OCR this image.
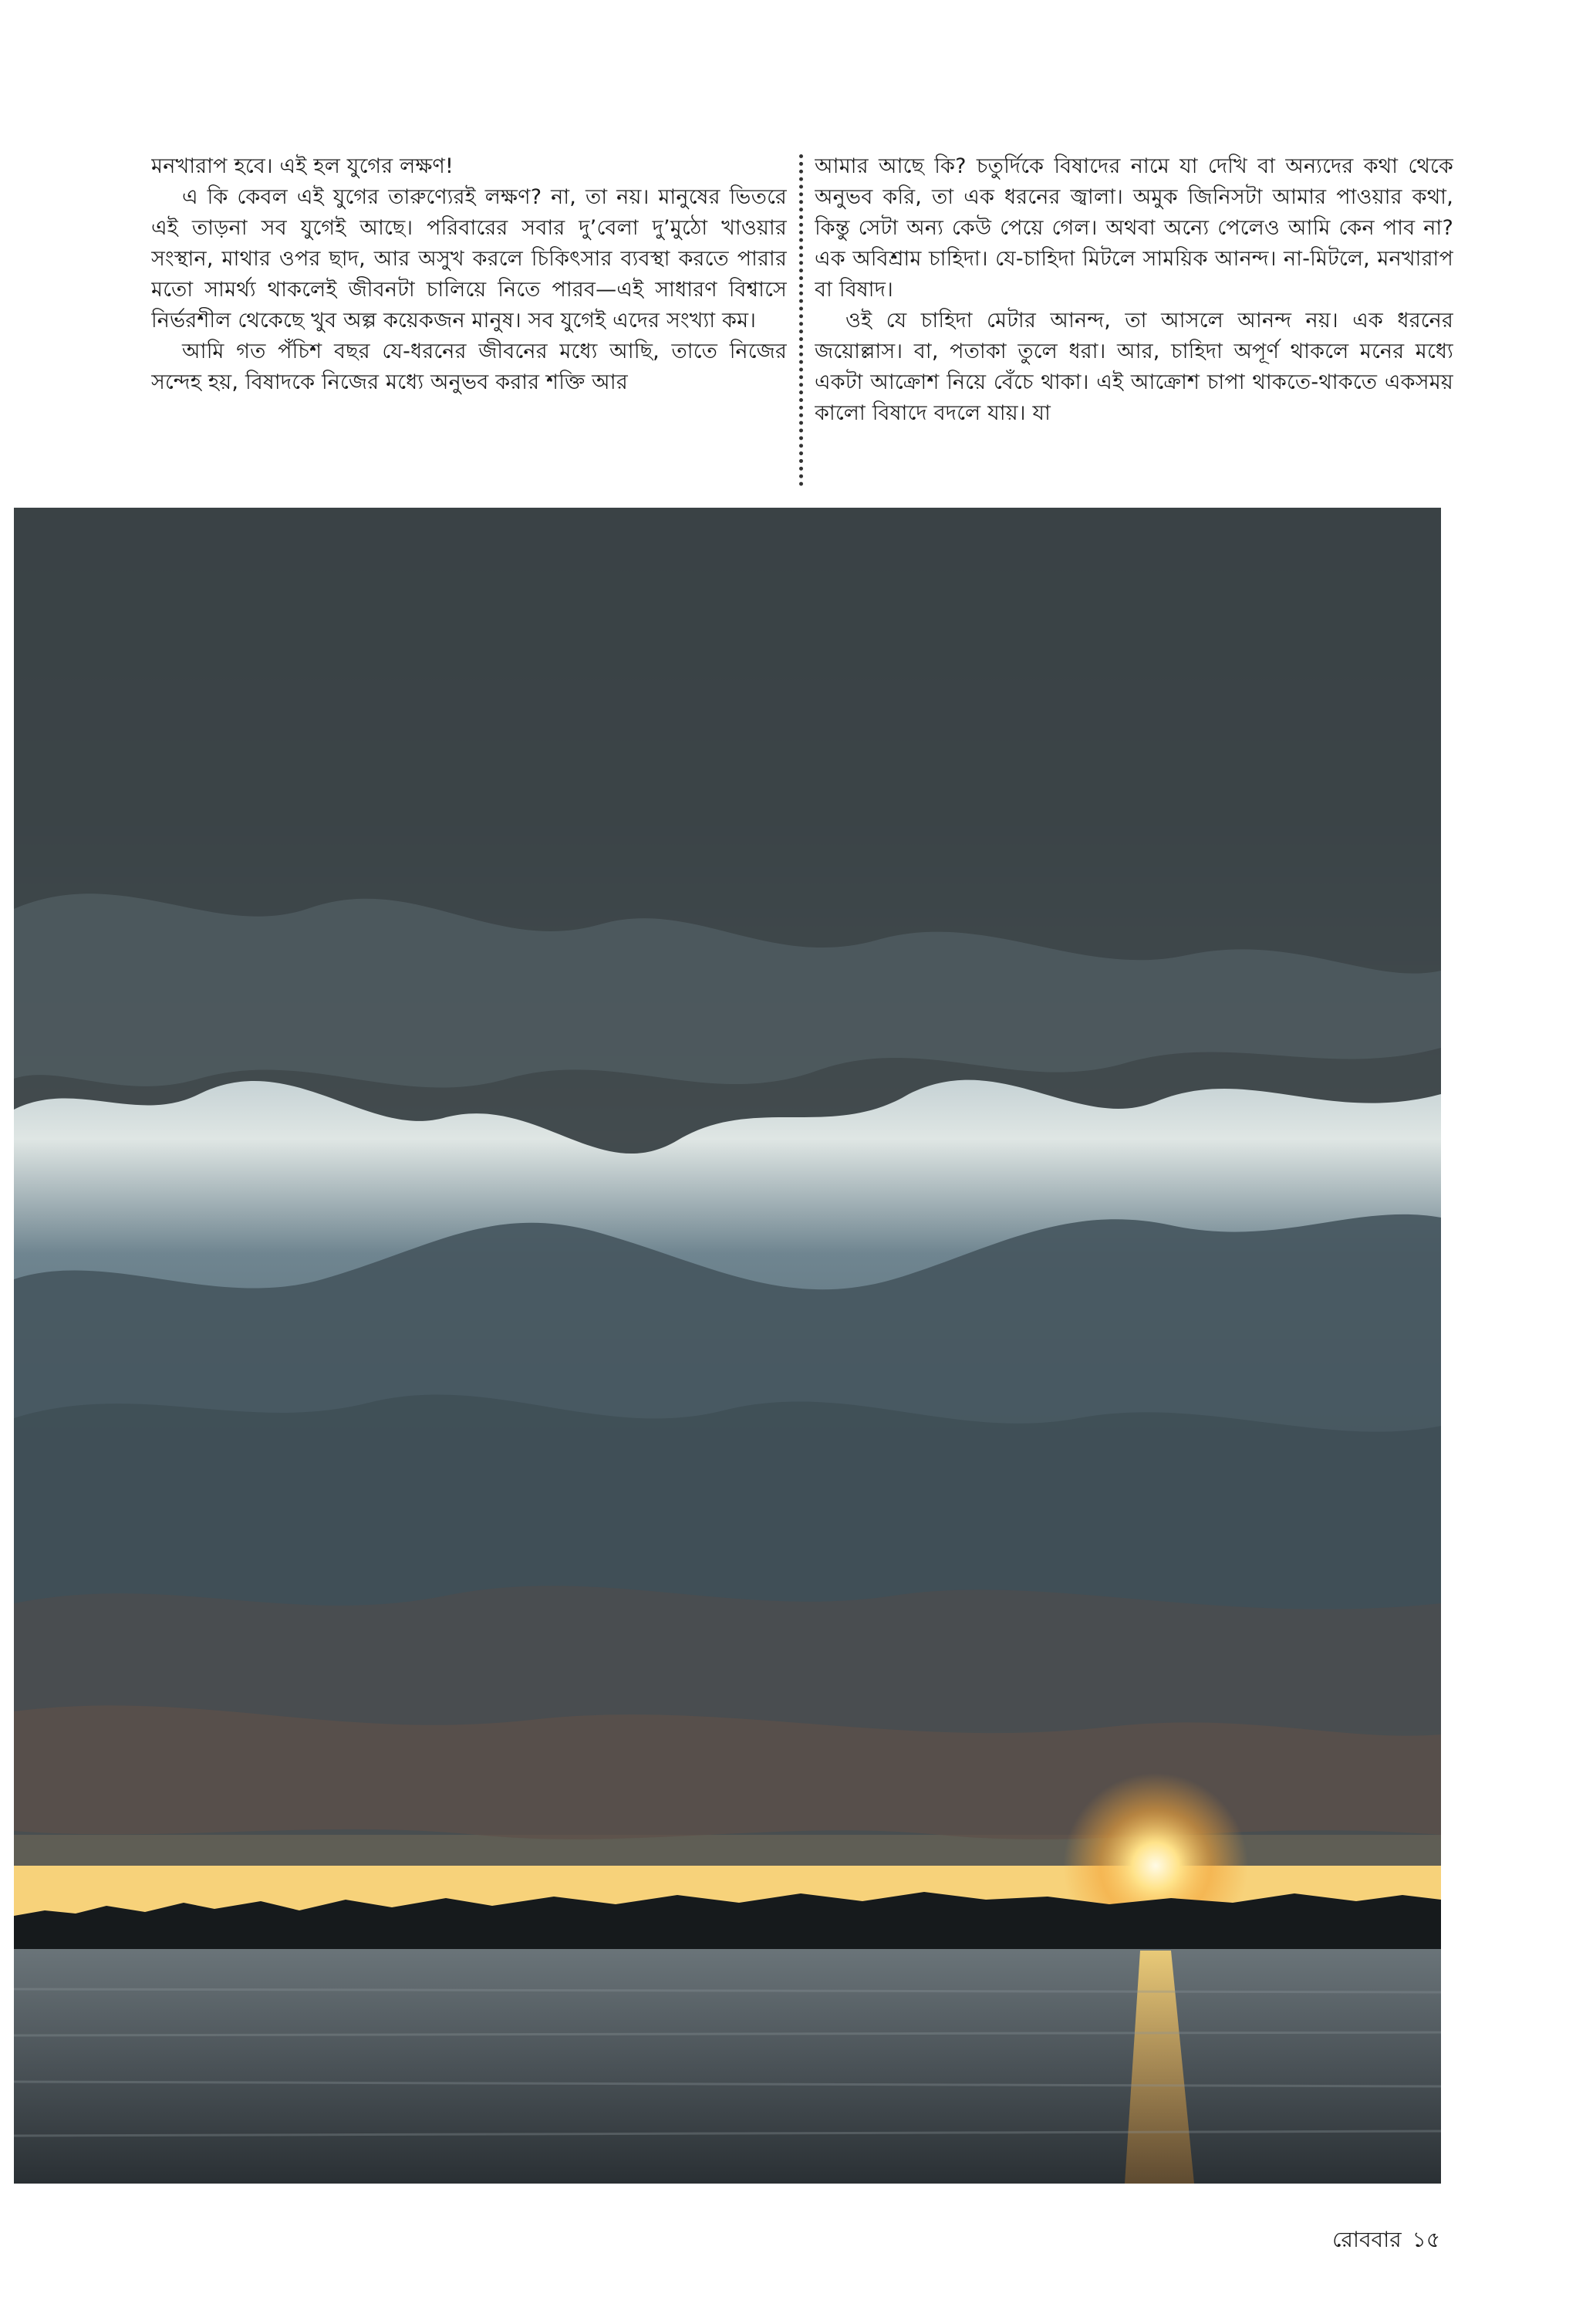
মনখারাপ হবে। এই হল যুগের লক্ষণ!

এ কি কেবল এই যুগের তারুণ্যেরই লক্ষণ? না, তা নয়। মানুষের ভিতরে এই তাড়না সব যুগেই আছে। পরিবারের সবার দু’বেলা দু’মুঠো খাওয়ার সংস্থান, মাথার ওপর ছাদ, আর অসুখ করলে চিকিৎসার ব্যবস্থা করতে পারার মতো সামর্থ্য থাকলেই জীবনটা চালিয়ে নিতে পারব—এই সাধারণ বিশ্বাসে নির্ভরশীল থেকেছে খুব অল্প কয়েকজন মানুষ। সব যুগেই এদের সংখ্যা কম।

আমি গত পঁচিশ বছর যে-ধরনের জীবনের মধ্যে আছি, তাতে নিজের সন্দেহ হয়, বিষাদকে নিজের মধ্যে অনুভব করার শক্তি আর

আমার আছে কি? চতুর্দিকে বিষাদের নামে যা দেখি বা অন্যদের কথা থেকে অনুভব করি, তা এক ধরনের জ্বালা। অমুক জিনিসটা আমার পাওয়ার কথা, কিন্তু সেটা অন্য কেউ পেয়ে গেল। অথবা অন্যে পেলেও আমি কেন পাব না? এক অবিশ্রাম চাহিদা। যে-চাহিদা মিটলে সাময়িক আনন্দ। না-মিটলে, মনখারাপ বা বিষাদ।

ওই যে চাহিদা মেটার আনন্দ, তা আসলে আনন্দ নয়। এক ধরনের জয়োল্লাস। বা, পতাকা তুলে ধরা। আর, চাহিদা অপূর্ণ থাকলে মনের মধ্যে একটা আক্রোশ নিয়ে বেঁচে থাকা। এই আক্রোশ চাপা থাকতে-থাকতে একসময় কালো বিষাদে বদলে যায়। যা

রোববার ১৫
